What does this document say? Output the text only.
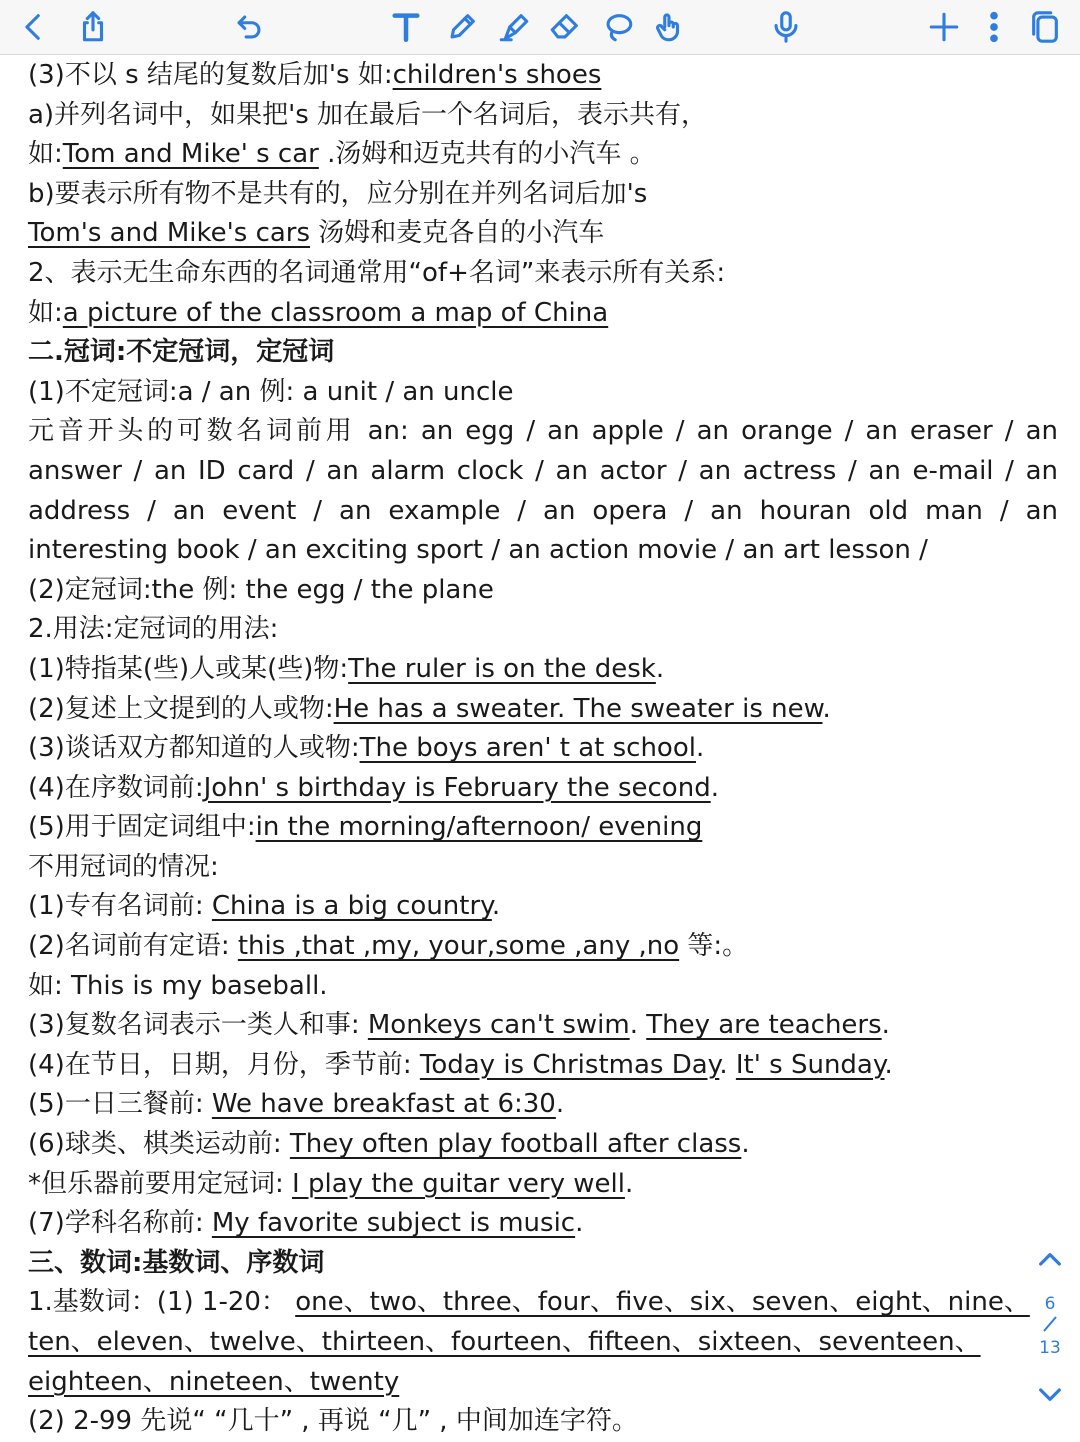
(3)不以 s 结尾的复数后加's 如:children's shoes
a)并列名词中，如果把's 加在最后一个名词后，表示共有，
如:Tom and Mike' s car .汤姆和迈克共有的小汽车 。
b)要表示所有物不是共有的，应分别在并列名词后加's
Tom's and Mike's cars 汤姆和麦克各自的小汽车
2、表示无生命东西的名词通常用“of+名词”来表示所有关系:
如:a picture of the classroom a map of China
二.冠词:不定冠词，定冠词
(1)不定冠词:a / an 例: a unit / an uncle
元音开头的可数名词前用 an: an egg / an apple / an orange / an eraser / an
answer / an ID card / an alarm clock / an actor / an actress / an e-mail / an
address / an event / an example / an opera / an houran old man / an
interesting book / an exciting sport / an action movie / an art lesson /
(2)定冠词:the 例: the egg / the plane
2.用法:定冠词的用法:
(1)特指某(些)人或某(些)物:The ruler is on the desk.
(2)复述上文提到的人或物:He has a sweater. The sweater is new.
(3)谈话双方都知道的人或物:The boys aren' t at school.
(4)在序数词前:John' s birthday is February the second.
(5)用于固定词组中:in the morning/afternoon/ evening
不用冠词的情况:
(1)专有名词前: China is a big country.
(2)名词前有定语: this ,that ,my, your,some ,any ,no 等:。
如: This is my baseball.
(3)复数名词表示一类人和事: Monkeys can't swim. They are teachers.
(4)在节日，日期，月份，季节前: Today is Christmas Day. It' s Sunday.
(5)一日三餐前: We have breakfast at 6:30.
(6)球类、棋类运动前: They often play football after class.
*但乐器前要用定冠词: I play the guitar very well.
(7)学科名称前: My favorite subject is music.
三、数词:基数词、序数词
1.基数词：(1) 1-20： one、two、three、four、five、six、seven、eight、nine、
ten、eleven、twelve、thirteen、fourteen、fifteen、sixteen、seventeen、
eighteen、nineteen、twenty
(2) 2-99 先说“ “几十” , 再说 “几” , 中间加连字符。
6
13
